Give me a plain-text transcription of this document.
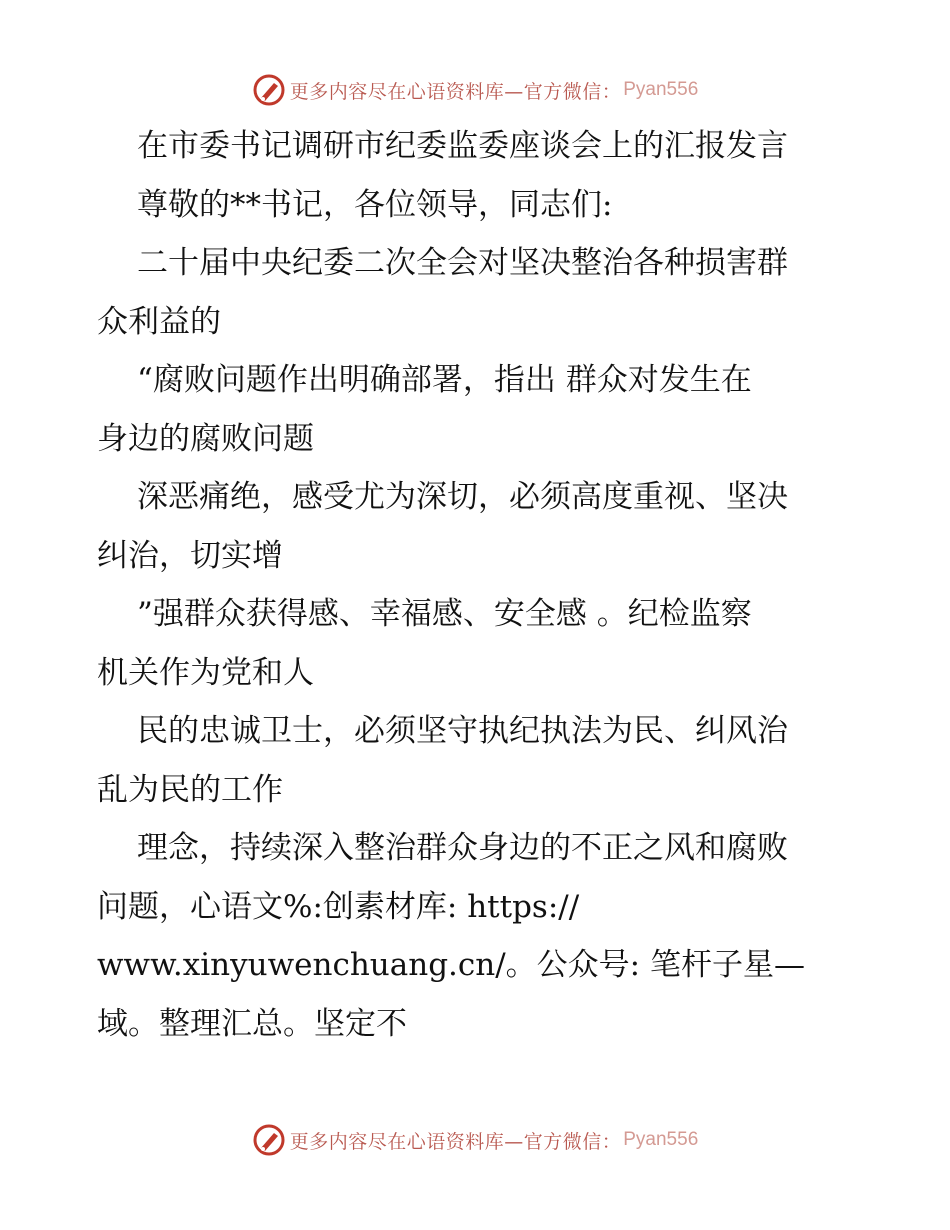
更多内容尽在心语资料库—官方微信： Pyan556
在市委书记调研市纪委监委座谈会上的汇报发言
尊敬的**书记，各位领导，同志们:
二十届中央纪委二次全会对坚决整治各种损害群
众利益的
“腐败问题作出明确部署，指出 群众对发生在
身边的腐败问题
深恶痛绝，感受尤为深切，必须高度重视、坚决
纠治，切实增
”强群众获得感、幸福感、安全感 。纪检监察
机关作为党和人
民的忠诚卫士，必须坚守执纪执法为民、纠风治
乱为民的工作
理念，持续深入整治群众身边的不正之风和腐败
问题，心语文%:创素材库: https://
www.xinyuwenchuang.cn/。公众号: 笔杆子星—
域。整理汇总。坚定不
更多内容尽在心语资料库—官方微信： Pyan556
